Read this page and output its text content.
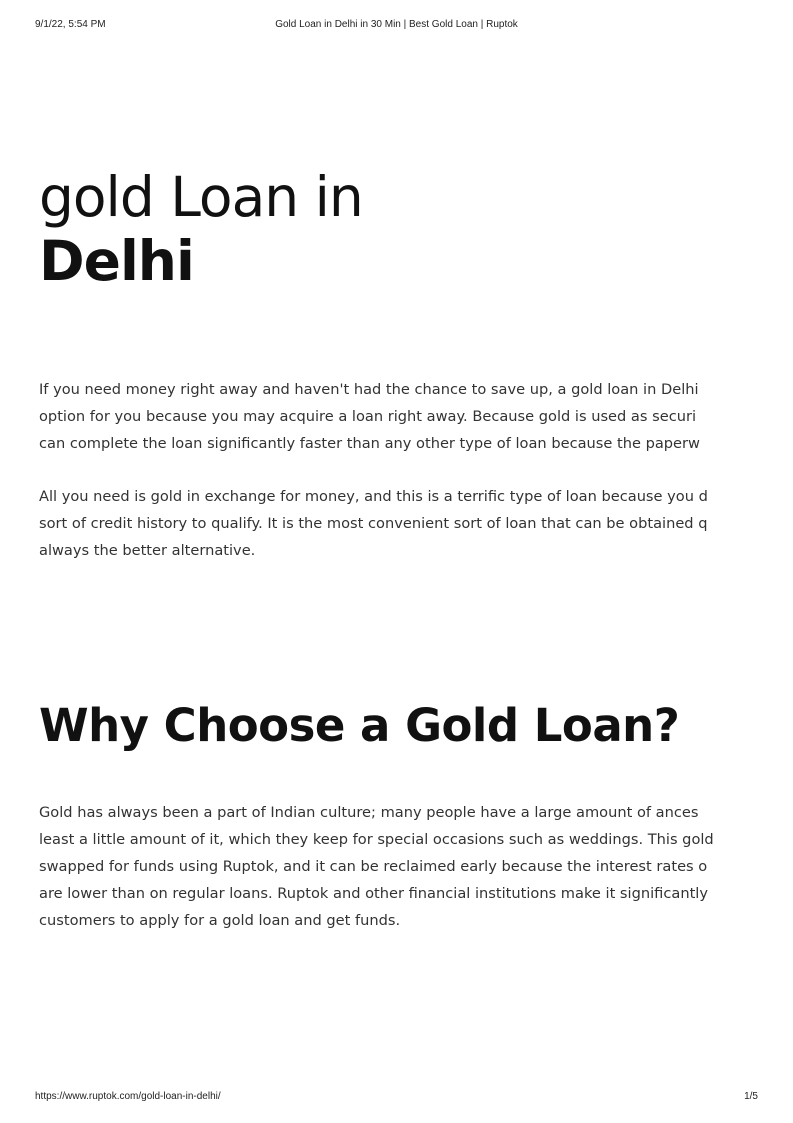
9/1/22, 5:54 PM	Gold Loan in Delhi in 30 Min | Best Gold Loan | Ruptok
gold Loan in
Delhi

If you need money right away and haven't had the chance to save up, a gold loan in Delhi
option for you because you may acquire a loan right away. Because gold is used as securi
can complete the loan significantly faster than any other type of loan because the paperw

All you need is gold in exchange for money, and this is a terrific type of loan because you d
sort of credit history to qualify. It is the most convenient sort of loan that can be obtained q
always the better alternative.

Why Choose a Gold Loan?

Gold has always been a part of Indian culture; many people have a large amount of ances
least a little amount of it, which they keep for special occasions such as weddings. This gold
swapped for funds using Ruptok, and it can be reclaimed early because the interest rates o
are lower than on regular loans. Ruptok and other financial institutions make it significantly
customers to apply for a gold loan and get funds.

https://www.ruptok.com/gold-loan-in-delhi/	1/5
